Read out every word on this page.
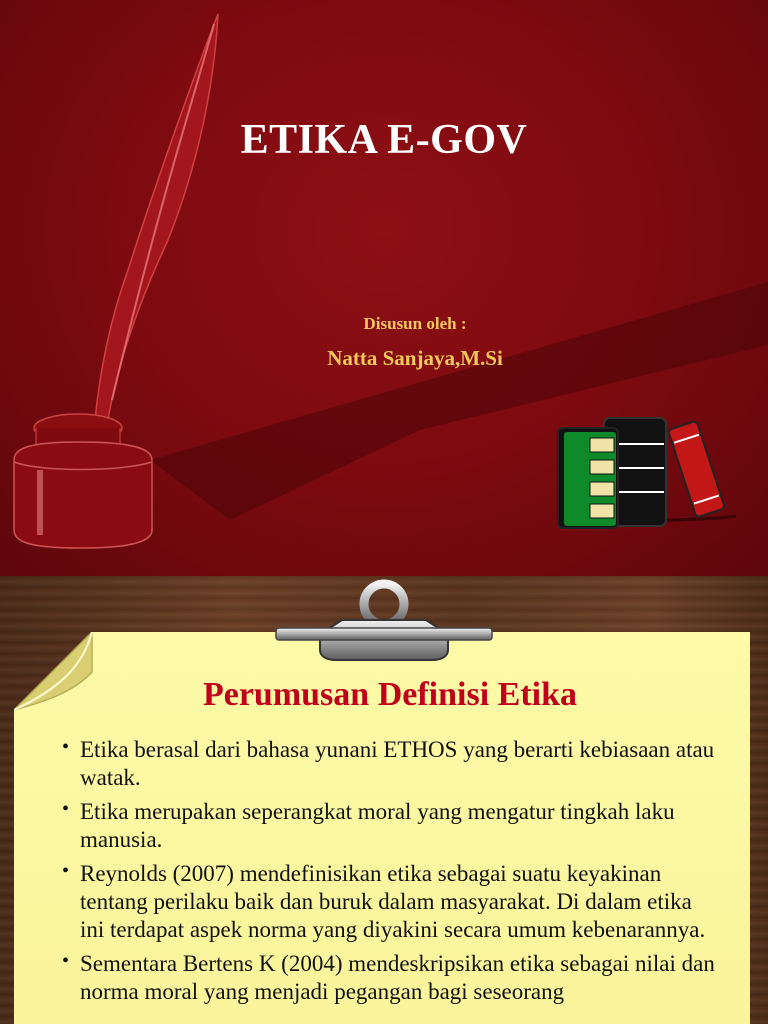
ETIKA E-GOV
Disusun oleh :
Natta Sanjaya,M.Si
Perumusan Definisi Etika
• Etika berasal dari bahasa yunani ETHOS yang berarti kebiasaan atau watak.
• Etika merupakan seperangkat moral yang mengatur tingkah laku manusia.
• Reynolds (2007) mendefinisikan etika sebagai suatu keyakinan tentang perilaku baik dan buruk dalam masyarakat. Di dalam etika ini terdapat aspek norma yang diyakini secara umum kebenarannya.
• Sementara Bertens K (2004) mendeskripsikan etika sebagai nilai dan norma moral yang menjadi pegangan bagi seseorang
